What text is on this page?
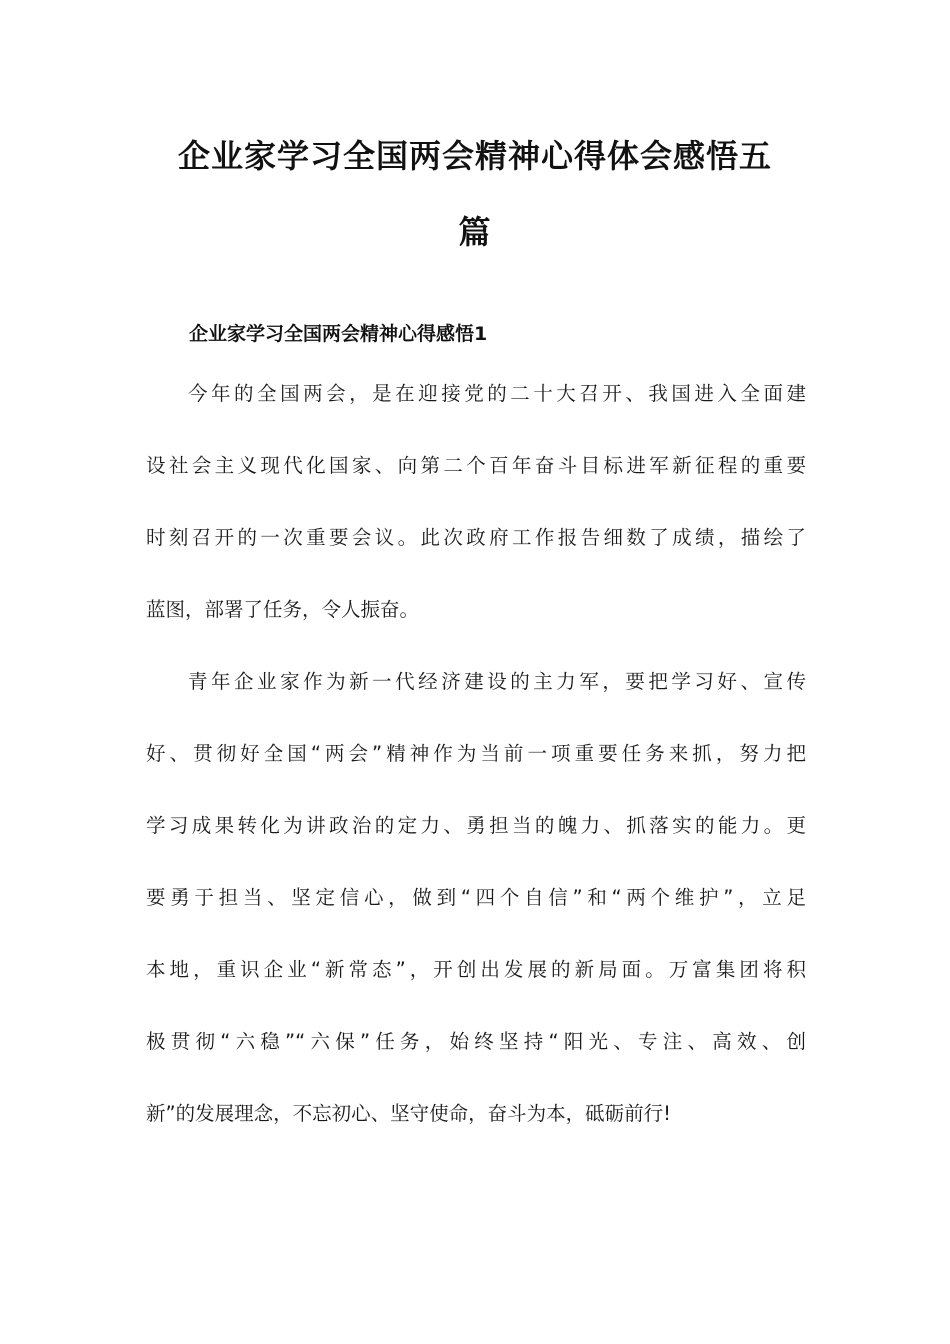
企业家学习全国两会精神心得体会感悟五
篇
企业家学习全国两会精神心得感悟1
今年的全国两会，是在迎接党的二十大召开、我国进入全面建
设社会主义现代化国家、向第二个百年奋斗目标进军新征程的重要
时刻召开的一次重要会议。此次政府工作报告细数了成绩，描绘了
蓝图，部署了任务，令人振奋。
青年企业家作为新一代经济建设的主力军，要把学习好、宣传
好、贯彻好全国“两会”精神作为当前一项重要任务来抓，努力把
学习成果转化为讲政治的定力、勇担当的魄力、抓落实的能力。更
要勇于担当、坚定信心，做到“四个自信”和“两个维护”，立足
本地，重识企业“新常态”，开创出发展的新局面。万富集团将积
极贯彻“六稳”“六保”任务，始终坚持“阳光、专注、高效、创
新”的发展理念，不忘初心、坚守使命，奋斗为本，砥砺前行!
